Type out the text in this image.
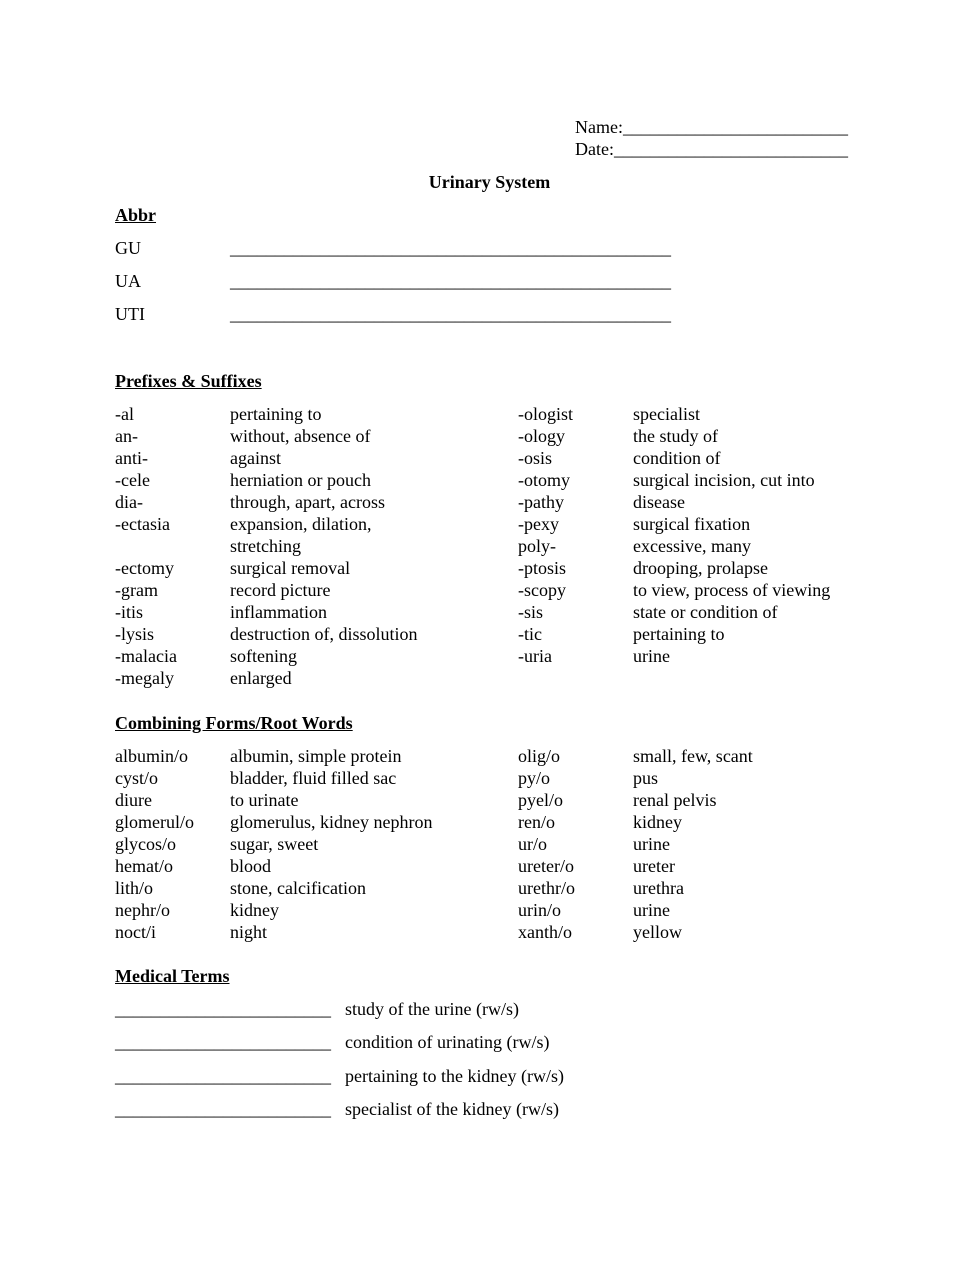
Name:_________________________
Date:__________________________
Urinary System
Abbr
GU	_________________________________________________
UA	_________________________________________________
UTI	_________________________________________________
Prefixes & Suffixes
-al	pertaining to
an-	without, absence of
anti-	against
-cele	herniation or pouch
dia-	through, apart, across
-ectasia	expansion, dilation,
stretching
-ectomy	surgical removal
-gram	record picture
-itis	inflammation
-lysis	destruction of, dissolution
-malacia	softening
-megaly	enlarged
-ologist	specialist
-ology	the study of
-osis	condition of
-otomy	surgical incision, cut into
-pathy	disease
-pexy	surgical fixation
poly-	excessive, many
-ptosis	drooping, prolapse
-scopy	to view, process of viewing
-sis	state or condition of
-tic	pertaining to
-uria	urine
Combining Forms/Root Words
albumin/o albumin, simple protein
cyst/o	bladder, fluid filled sac
diure	to urinate
glomerul/o glomerulus, kidney nephron
glycos/o	sugar, sweet
hemat/o	blood
lith/o	stone, calcification
nephr/o	kidney
noct/i	night
olig/o	small, few, scant
py/o	pus
pyel/o	renal pelvis
ren/o	kidney
ur/o	urine
ureter/o	ureter
urethr/o	urethra
urin/o	urine
xanth/o	yellow
Medical Terms
________________________ study of the urine (rw/s)
________________________ condition of urinating (rw/s)
________________________ pertaining to the kidney (rw/s)
________________________ specialist of the kidney (rw/s)
